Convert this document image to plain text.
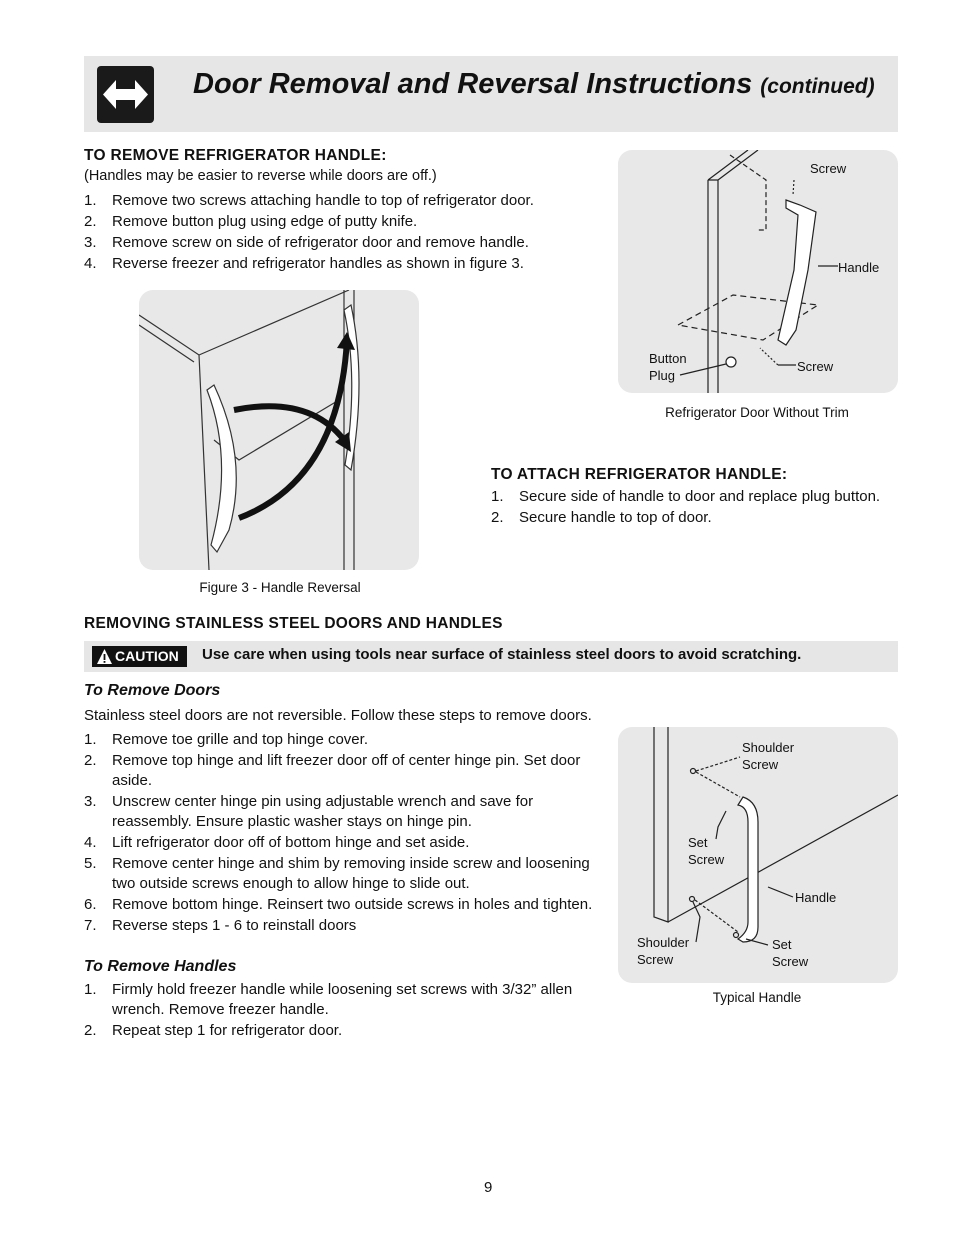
Door Removal and Reversal Instructions (continued)
TO REMOVE REFRIGERATOR HANDLE:
(Handles may be easier to reverse while doors are off.)
1. Remove two screws attaching handle to top of refrigerator door.
2. Remove button plug using edge of putty knife.
3. Remove screw on side of refrigerator door and remove handle.
4. Reverse freezer and refrigerator handles as shown in figure 3.
Screw
Handle
Button
Plug
Screw
Refrigerator Door Without Trim
Figure 3 - Handle Reversal
TO ATTACH REFRIGERATOR HANDLE:
1. Secure side of handle to door and replace plug button.
2. Secure handle to top of door.
REMOVING STAINLESS STEEL DOORS AND HANDLES
CAUTION	Use care when using tools near surface of stainless steel doors to avoid scratching.
To Remove Doors
Stainless steel doors are not reversible. Follow these steps to remove doors.
1. Remove toe grille and top hinge cover.
2. Remove top hinge and lift freezer door off of center hinge pin. Set door aside.
3. Unscrew center hinge pin using adjustable wrench and save for reassembly. Ensure plastic washer stays on hinge pin.
4. Lift refrigerator door off of bottom hinge and set aside.
5. Remove center hinge and shim by removing inside screw and loosening two outside screws enough to allow hinge to slide out.
6. Remove bottom hinge. Reinsert two outside screws in holes and tighten.
7. Reverse steps 1 - 6 to reinstall doors
To Remove Handles
1. Firmly hold freezer handle while loosening set screws with 3/32” allen wrench. Remove freezer handle.
2. Repeat step 1 for refrigerator door.
Shoulder
Screw
Set
Screw
Handle
Shoulder
Screw
Set
Screw
Typical Handle
9
